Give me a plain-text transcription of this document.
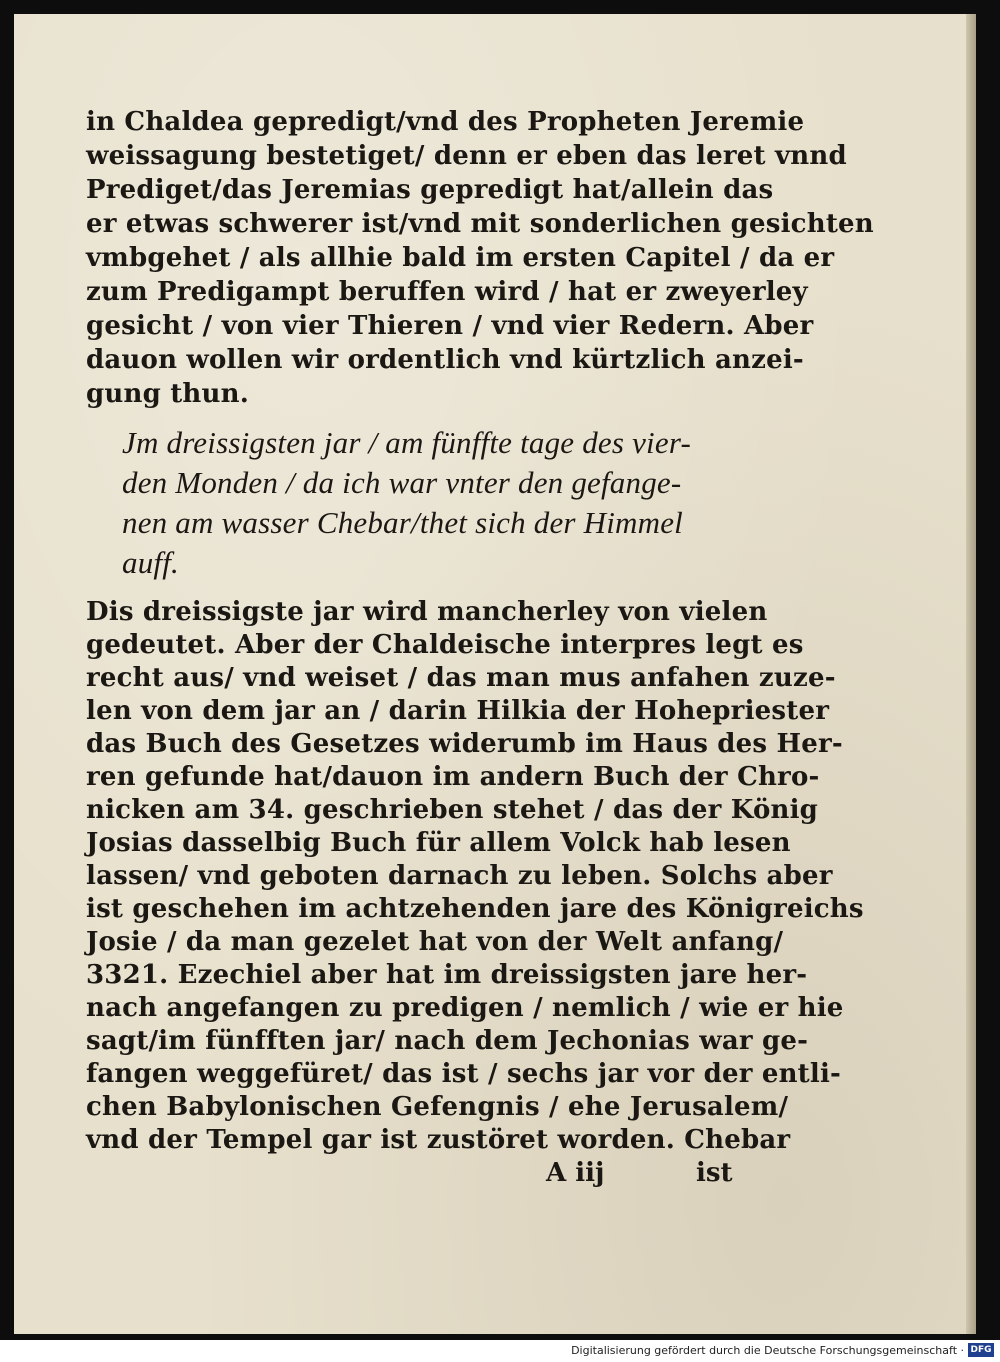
in Chaldea gepredigt/vnd des Propheten Jeremie

weissagung bestetiget/ denn er eben das leret vnnd

Prediget/das Jeremias gepredigt hat/allein das

er etwas schwerer ist/vnd mit sonderlichen gesichten

vmbgehet / als allhie bald im ersten Capitel / da er

zum Predigampt beruffen wird / hat er zweyerley

gesicht / von vier Thieren / vnd vier Redern. Aber

dauon wollen wir ordentlich vnd kürtzlich anzei-

gung thun.

Jm dreissigsten jar / am fünffte tage des vier-

den Monden / da ich war vnter den gefange-

nen am wasser Chebar/thet sich der Himmel

auff.

Dis dreissigste jar wird mancherley von vielen

gedeutet. Aber der Chaldeische interpres legt es

recht aus/ vnd weiset / das man mus anfahen zuze-

len von dem jar an / darin Hilkia der Hohepriester

das Buch des Gesetzes widerumb im Haus des Her-

ren gefunde hat/dauon im andern Buch der Chro-

nicken am 34. geschrieben stehet / das der König

Josias dasselbig Buch für allem Volck hab lesen

lassen/ vnd geboten darnach zu leben. Solchs aber

ist geschehen im achtzehenden jare des Königreichs

Josie / da man gezelet hat von der Welt anfang/

3321. Ezechiel aber hat im dreissigsten jare her-

nach angefangen zu predigen / nemlich / wie er hie

sagt/im fünfften jar/ nach dem Jechonias war ge-

fangen weggefüret/ das ist / sechs jar vor der entli-

chen Babylonischen Gefengnis / ehe Jerusalem/

vnd der Tempel gar ist zustöret worden. Chebar

A iij	ist
Digitalisierung gefördert durch die Deutsche Forschungsgemeinschaft · DFG
